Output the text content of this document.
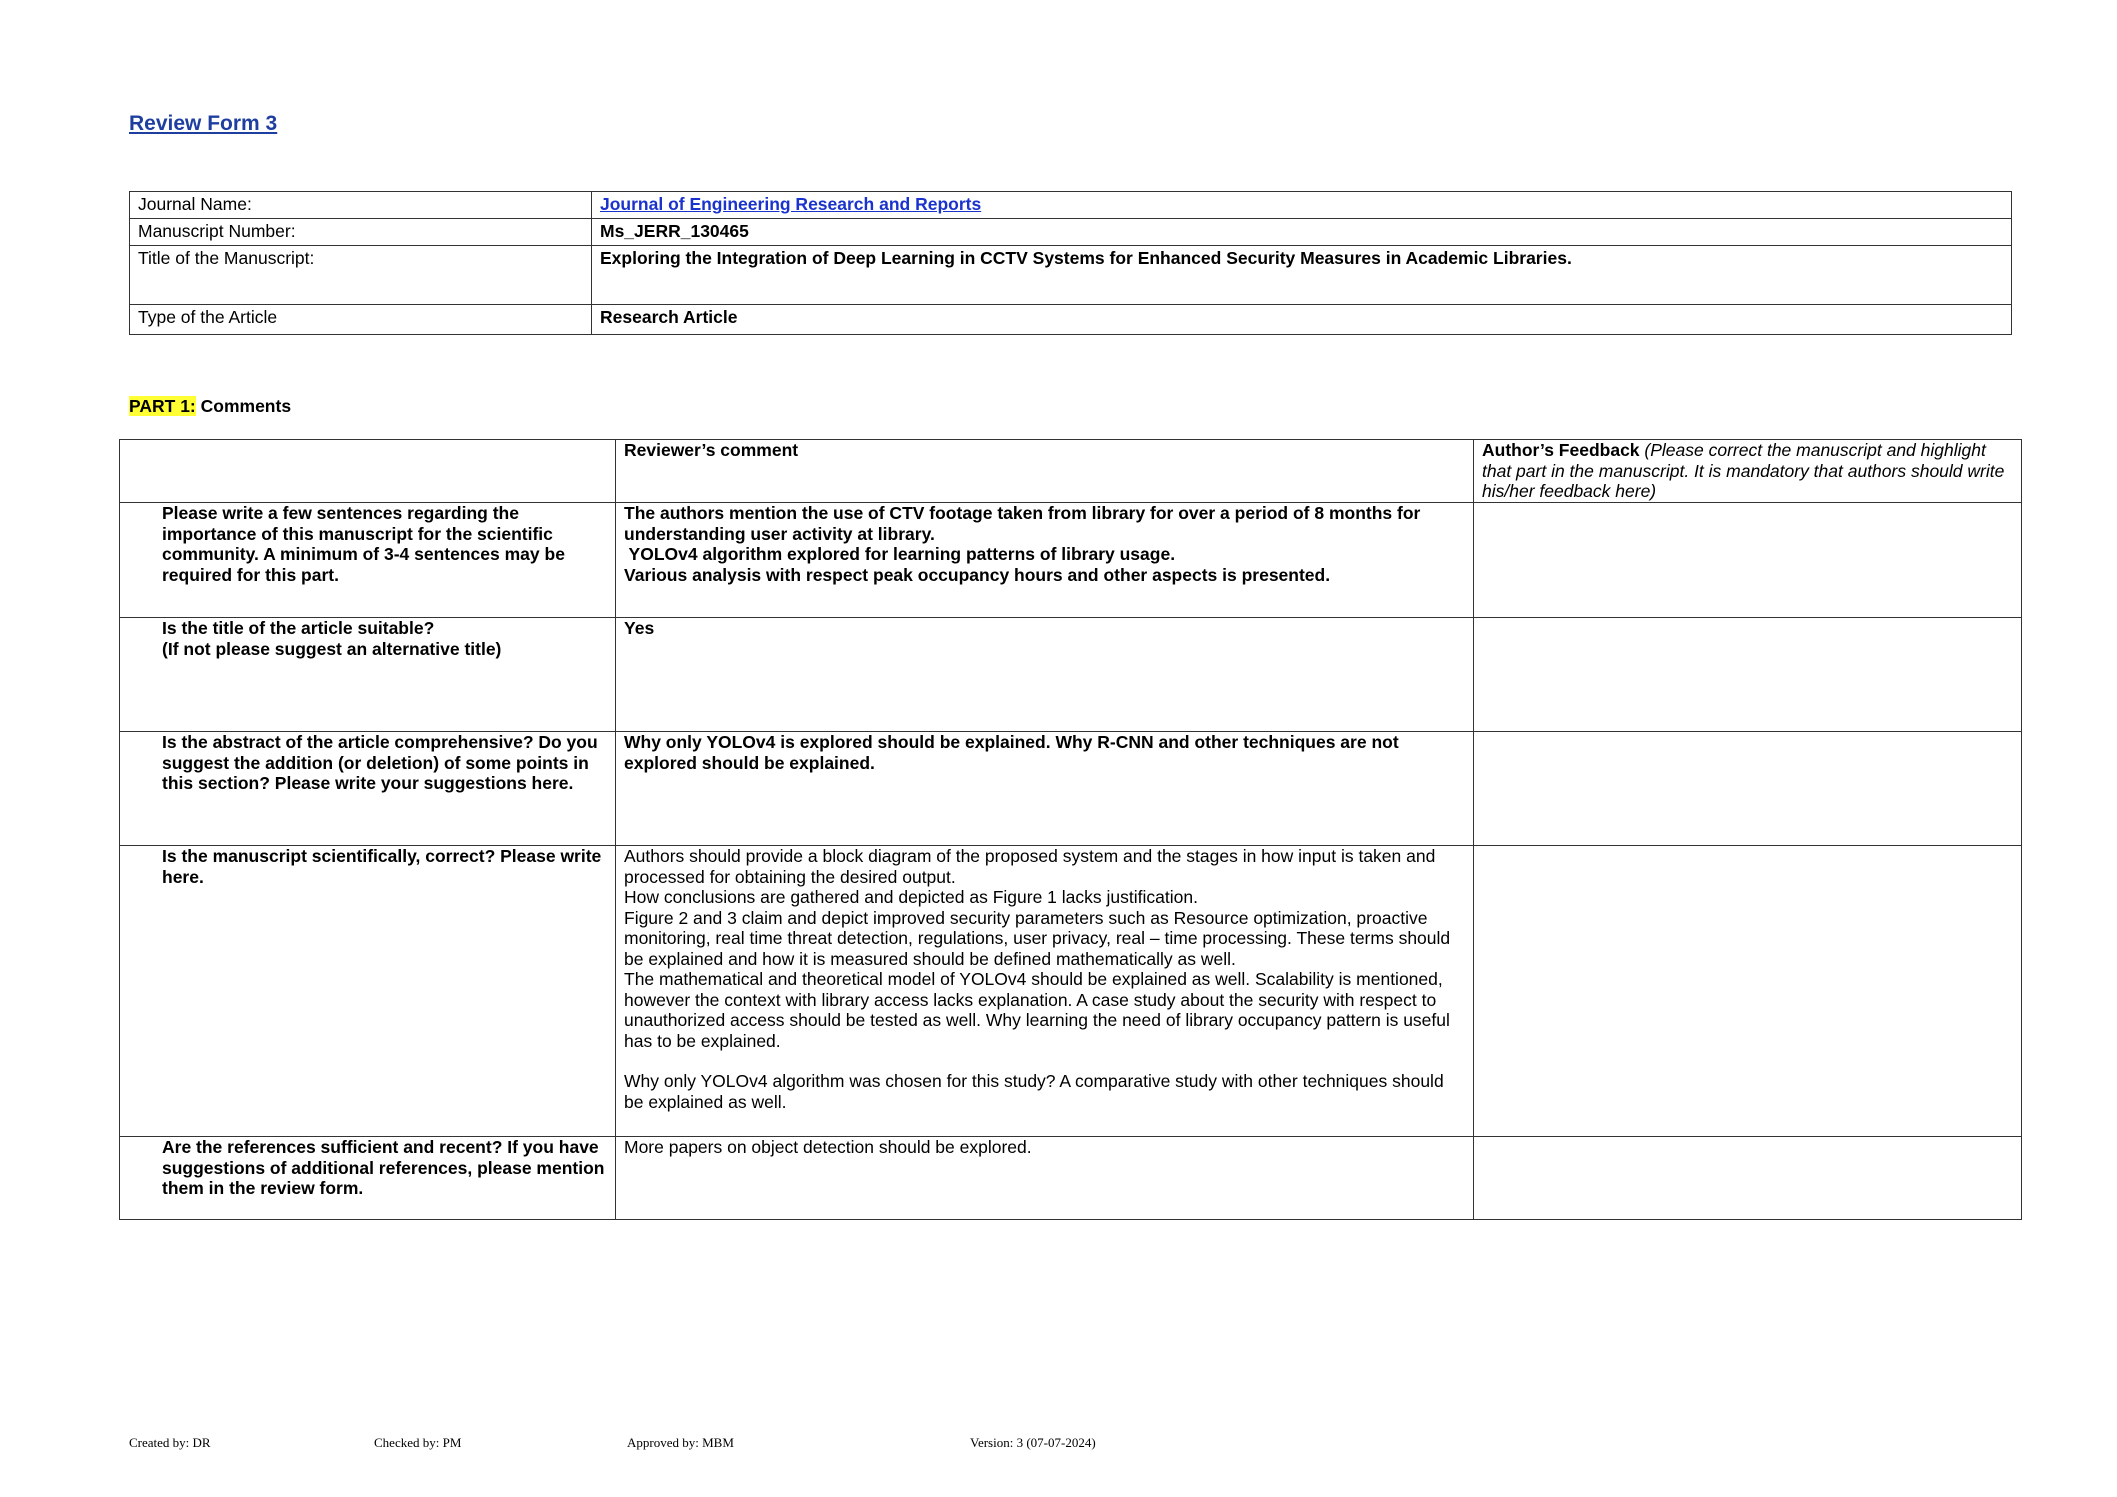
Review Form 3
Journal Name:	Journal of Engineering Research and Reports
Manuscript Number:	Ms_JERR_130465
Title of the Manuscript:	Exploring the Integration of Deep Learning in CCTV Systems for Enhanced Security Measures in Academic Libraries.
Type of the Article	Research Article
PART 1: Comments
	Reviewer’s comment	Author’s Feedback (Please correct the manuscript and highlight that part in the manuscript. It is mandatory that authors should write his/her feedback here)
Please write a few sentences regarding the importance of this manuscript for the scientific community. A minimum of 3-4 sentences may be required for this part.	The authors mention the use of CTV footage taken from library for over a period of 8 months for understanding user activity at library.
YOLOv4 algorithm explored for learning patterns of library usage.
Various analysis with respect peak occupancy hours and other aspects is presented.	

Is the title of the article suitable?
(If not please suggest an alternative title)	Yes	
Is the abstract of the article comprehensive? Do you suggest the addition (or deletion) of some points in this section? Please write your suggestions here.	Why only YOLOv4 is explored should be explained. Why R-CNN and other techniques are not explored should be explained.	
Is the manuscript scientifically, correct? Please write here.	Authors should provide a block diagram of the proposed system and the stages in how input is taken and processed for obtaining the desired output.
How conclusions are gathered and depicted as Figure 1 lacks justification.
Figure 2 and 3 claim and depict improved security parameters such as Resource optimization, proactive monitoring, real time threat detection, regulations, user privacy, real – time processing. These terms should be explained and how it is measured should be defined mathematically as well.
The mathematical and theoretical model of YOLOv4 should be explained as well. Scalability is mentioned, however the context with library access lacks explanation. A case study about the security with respect to unauthorized access should be tested as well. Why learning the need of library occupancy pattern is useful has to be explained.
Why only YOLOv4 algorithm was chosen for this study? A comparative study with other techniques should be explained as well.	

Are the references sufficient and recent? If you have suggestions of additional references, please mention them in the review form.	More papers on object detection should be explored.	
Created by: DR	Checked by: PM	Approved by: MBM	Version: 3 (07-07-2024)
